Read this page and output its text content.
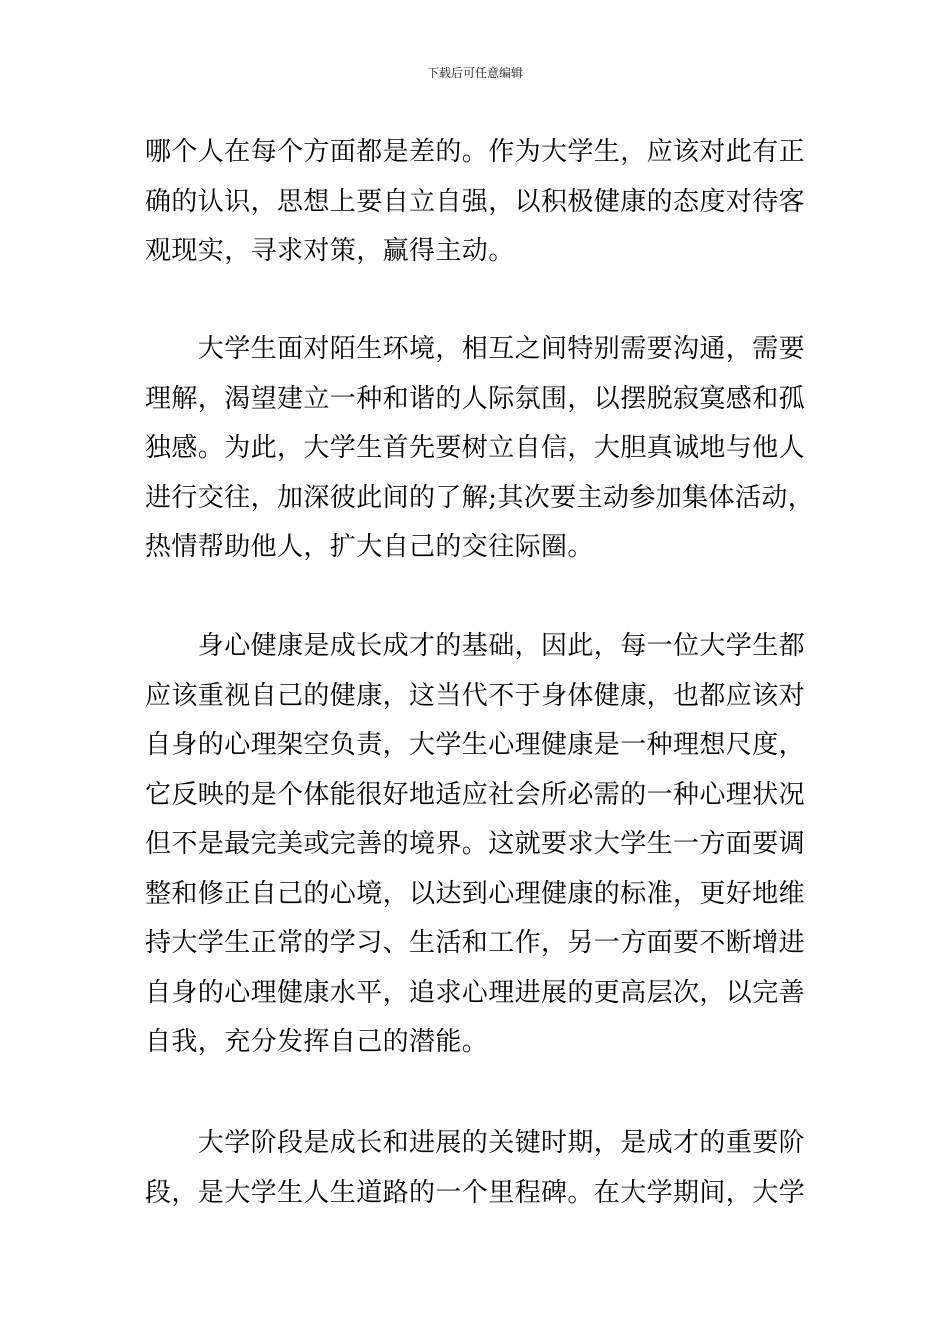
下载后可任意编辑
哪个人在每个方面都是差的。作为大学生，应该对此有正
确的认识，思想上要自立自强，以积极健康的态度对待客
观现实，寻求对策，赢得主动。
　　大学生面对陌生环境，相互之间特别需要沟通，需要
理解，渴望建立一种和谐的人际氛围，以摆脱寂寞感和孤
独感。为此，大学生首先要树立自信，大胆真诚地与他人
进行交往，加深彼此间的了解;其次要主动参加集体活动，
热情帮助他人，扩大自己的交往际圈。
　　身心健康是成长成才的基础，因此，每一位大学生都
应该重视自己的健康，这当代不于身体健康，也都应该对
自身的心理架空负责，大学生心理健康是一种理想尺度，
它反映的是个体能很好地适应社会所必需的一种心理状况
但不是最完美或完善的境界。这就要求大学生一方面要调
整和修正自己的心境，以达到心理健康的标准，更好地维
持大学生正常的学习、生活和工作，另一方面要不断增进
自身的心理健康水平，追求心理进展的更高层次，以完善
自我，充分发挥自己的潜能。
　　大学阶段是成长和进展的关键时期，是成才的重要阶
段，是大学生人生道路的一个里程碑。在大学期间，大学
